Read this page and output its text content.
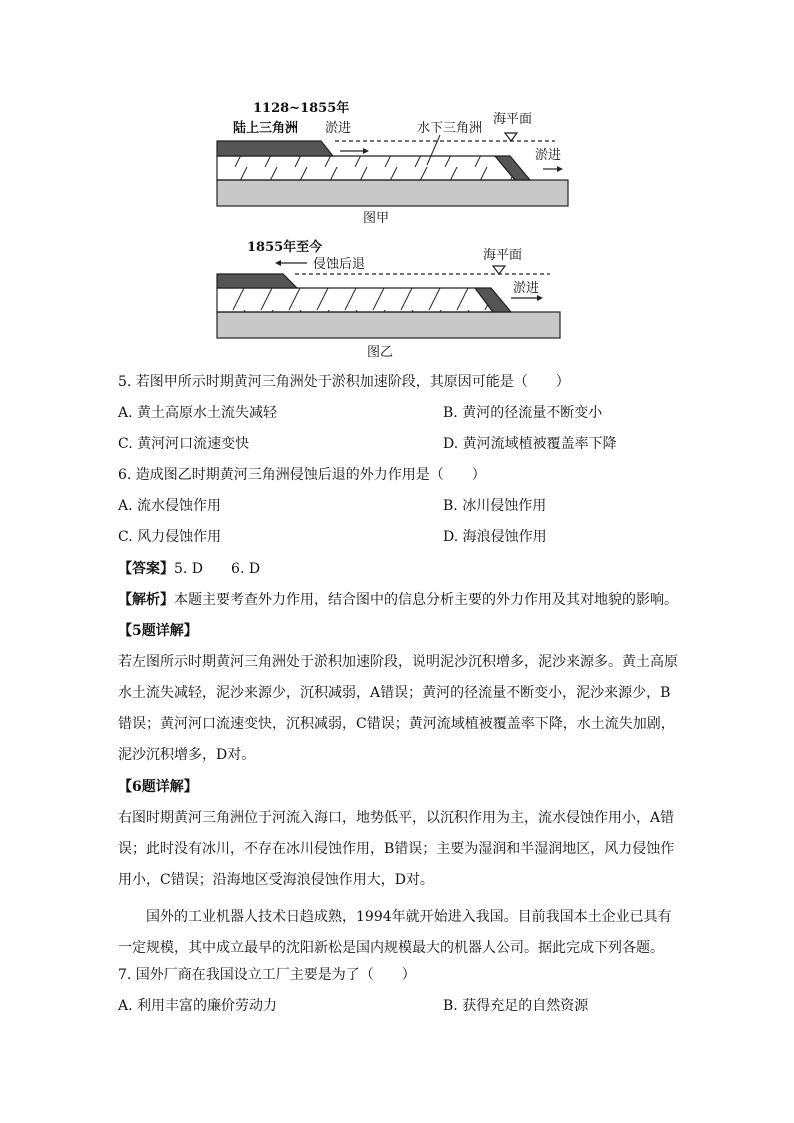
1128~1855年
陆上三角洲 淤进	水下三角洲
海平面
淤进
图甲
1855年至今
侵蚀后退
海平面
淤进
图乙
5. 若图甲所示时期黄河三角洲处于淤积加速阶段，其原因可能是（　　）
A. 黄土高原水土流失减轻	B. 黄河的径流量不断变小
C. 黄河河口流速变快	D. 黄河流域植被覆盖率下降
6. 造成图乙时期黄河三角洲侵蚀后退的外力作用是（　　）
A. 流水侵蚀作用	B. 冰川侵蚀作用
C. 风力侵蚀作用	D. 海浪侵蚀作用
【答案】5. D　　6. D
【解析】本题主要考查外力作用，结合图中的信息分析主要的外力作用及其对地貌的影响。
【5题详解】
若左图所示时期黄河三角洲处于淤积加速阶段，说明泥沙沉积增多，泥沙来源多。黄土高原水土流失减轻，泥沙来源少，沉积减弱，A错误；黄河的径流量不断变小，泥沙来源少，B错误；黄河河口流速变快，沉积减弱，C错误；黄河流域植被覆盖率下降，水土流失加剧，泥沙沉积增多，D对。
【6题详解】
右图时期黄河三角洲位于河流入海口，地势低平，以沉积作用为主，流水侵蚀作用小，A错误；此时没有冰川，不存在冰川侵蚀作用，B错误；主要为湿润和半湿润地区，风力侵蚀作用小，C错误；沿海地区受海浪侵蚀作用大，D对。
国外的工业机器人技术日趋成熟，1994年就开始进入我国。目前我国本土企业已具有一定规模，其中成立最早的沈阳新松是国内规模最大的机器人公司。据此完成下列各题。
7. 国外厂商在我国设立工厂主要是为了（　　）
A. 利用丰富的廉价劳动力	B. 获得充足的自然资源
